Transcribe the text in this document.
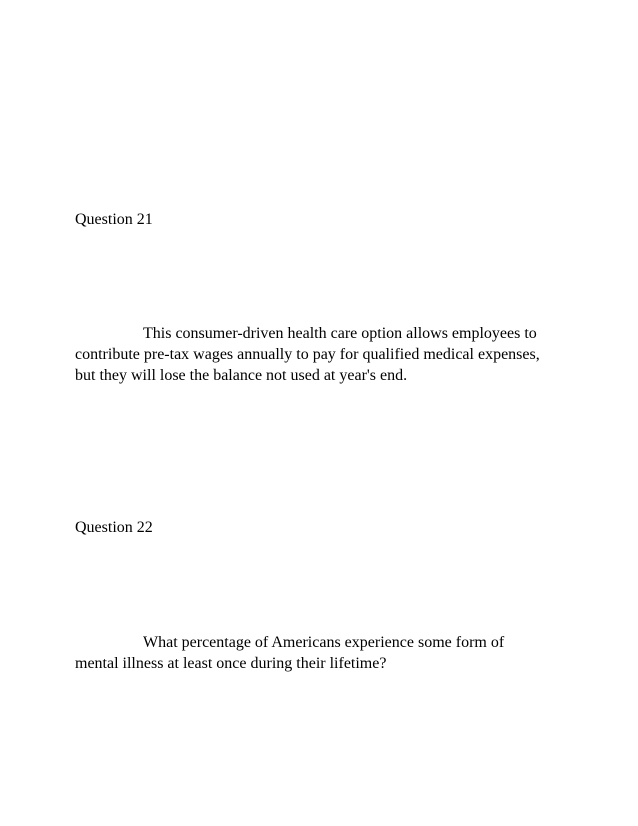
Question 21

This consumer-driven health care option allows employees to

contribute pre-tax wages annually to pay for qualified medical expenses,

but they will lose the balance not used at year's end.

Question 22

What percentage of Americans experience some form of

mental illness at least once during their lifetime?
